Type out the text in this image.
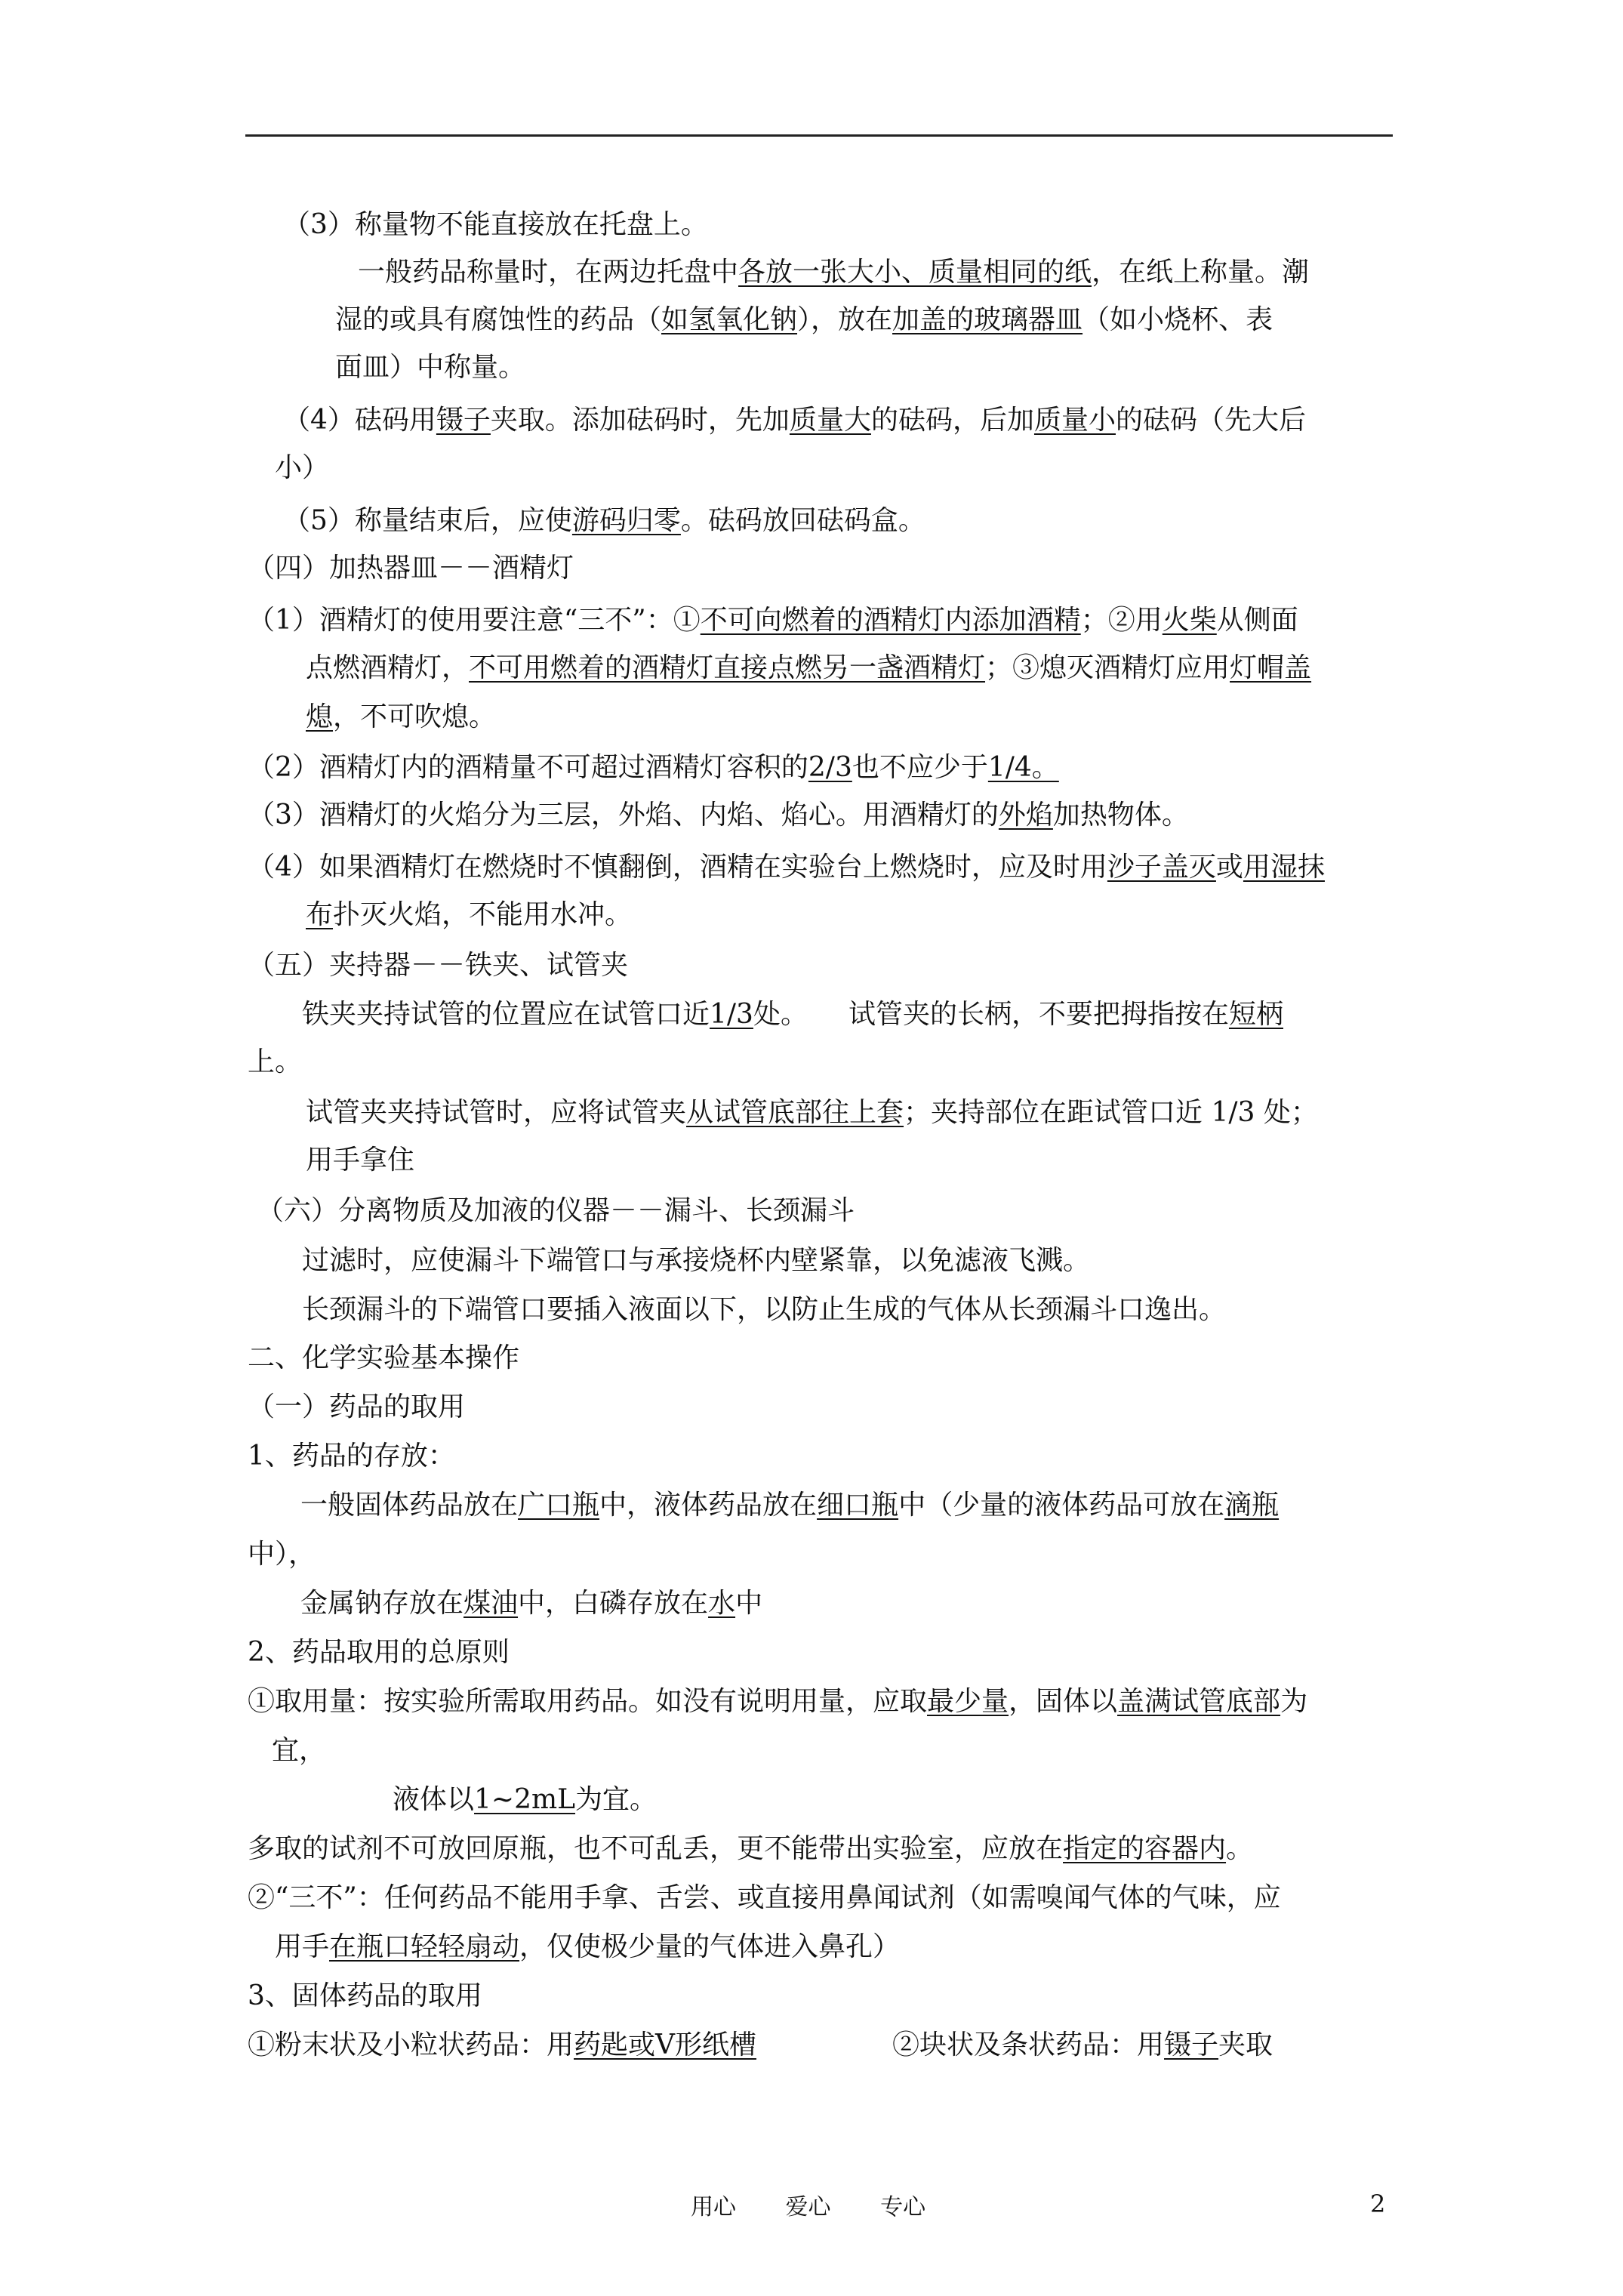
（3）称量物不能直接放在托盘上。
一般药品称量时，在两边托盘中各放一张大小、质量相同的纸，在纸上称量。潮
湿的或具有腐蚀性的药品（如氢氧化钠），放在加盖的玻璃器皿（如小烧杯、表
面皿）中称量。
（4）砝码用镊子夹取。添加砝码时，先加质量大的砝码，后加质量小的砝码（先大后
小）
（5）称量结束后，应使游码归零。砝码放回砝码盒。
（四）加热器皿－－酒精灯
（1）酒精灯的使用要注意“三不”：①不可向燃着的酒精灯内添加酒精；②用火柴从侧面
点燃酒精灯，不可用燃着的酒精灯直接点燃另一盏酒精灯；③熄灭酒精灯应用灯帽盖
熄，不可吹熄。
（2）酒精灯内的酒精量不可超过酒精灯容积的2/3也不应少于1/4。
（3）酒精灯的火焰分为三层，外焰、内焰、焰心。用酒精灯的外焰加热物体。
（4）如果酒精灯在燃烧时不慎翻倒，酒精在实验台上燃烧时，应及时用沙子盖灭或用湿抹
布扑灭火焰，不能用水冲。
（五）夹持器－－铁夹、试管夹
铁夹夹持试管的位置应在试管口近1/3处。　　试管夹的长柄，不要把拇指按在短柄
上。
试管夹夹持试管时，应将试管夹从试管底部往上套；夹持部位在距试管口近 1/3 处；
用手拿住
（六）分离物质及加液的仪器－－漏斗、长颈漏斗
过滤时，应使漏斗下端管口与承接烧杯内壁紧靠，以免滤液飞溅。
长颈漏斗的下端管口要插入液面以下，以防止生成的气体从长颈漏斗口逸出。
二、化学实验基本操作
（一）药品的取用
1、药品的存放：
一般固体药品放在广口瓶中，液体药品放在细口瓶中（少量的液体药品可放在滴瓶
中），
金属钠存放在煤油中，白磷存放在水中
2、药品取用的总原则
①取用量：按实验所需取用药品。如没有说明用量，应取最少量，固体以盖满试管底部为
宜，
液体以1~2mL为宜。
多取的试剂不可放回原瓶，也不可乱丢，更不能带出实验室，应放在指定的容器内。
②“三不”：任何药品不能用手拿、舌尝、或直接用鼻闻试剂（如需嗅闻气体的气味，应
用手在瓶口轻轻扇动，仅使极少量的气体进入鼻孔）
3、固体药品的取用
①粉末状及小粒状药品：用药匙或V形纸槽　　　　　②块状及条状药品：用镊子夹取
用心 爱心 专心	2
